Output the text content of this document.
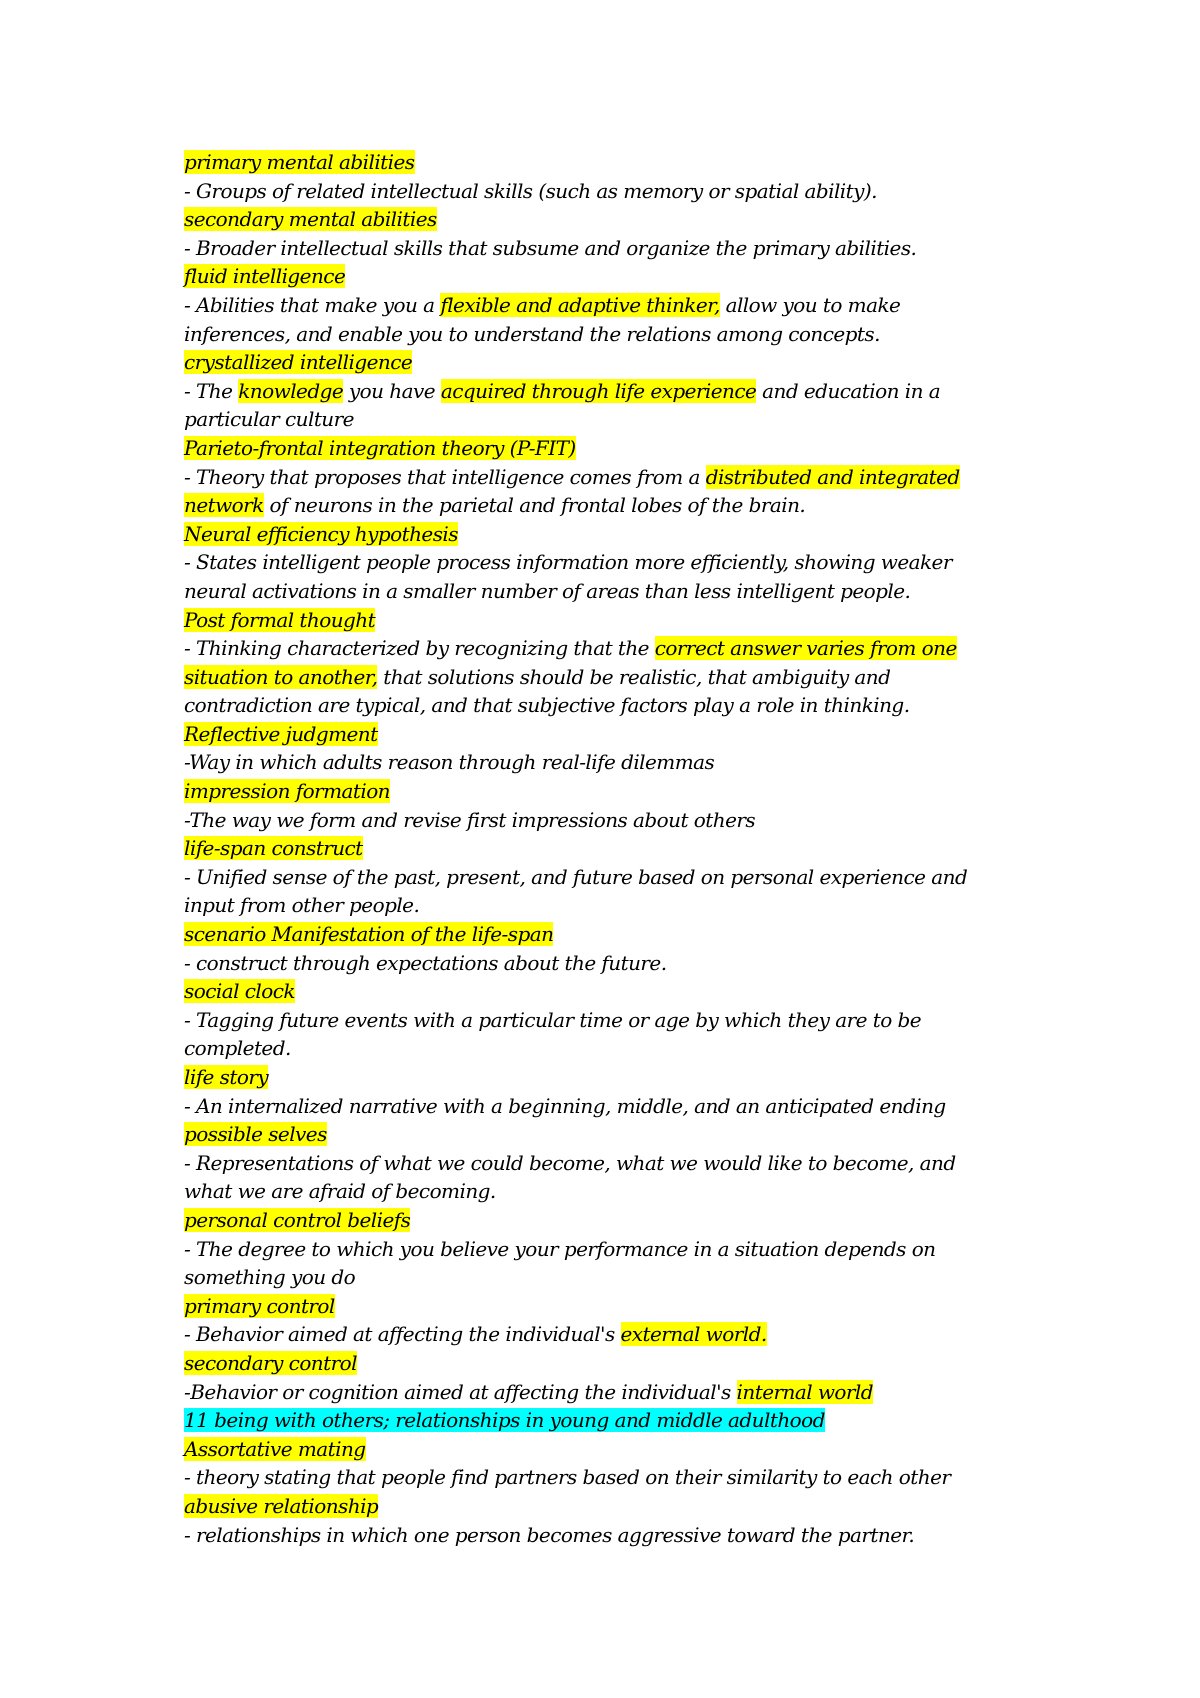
primary mental abilities
- Groups of related intellectual skills (such as memory or spatial ability).
secondary mental abilities
- Broader intellectual skills that subsume and organize the primary abilities.
fluid intelligence
- Abilities that make you a flexible and adaptive thinker, allow you to make
inferences, and enable you to understand the relations among concepts.
crystallized intelligence
- The knowledge you have acquired through life experience and education in a
particular culture
Parieto-frontal integration theory (P-FIT)
- Theory that proposes that intelligence comes from a distributed and integrated
network of neurons in the parietal and frontal lobes of the brain.
Neural efficiency hypothesis
- States intelligent people process information more efficiently, showing weaker
neural activations in a smaller number of areas than less intelligent people.
Post formal thought
- Thinking characterized by recognizing that the correct answer varies from one
situation to another, that solutions should be realistic, that ambiguity and
contradiction are typical, and that subjective factors play a role in thinking.
Reflective judgment
-Way in which adults reason through real-life dilemmas
impression formation
-The way we form and revise first impressions about others
life-span construct
- Unified sense of the past, present, and future based on personal experience and
input from other people.
scenario Manifestation of the life-span
- construct through expectations about the future.
social clock
- Tagging future events with a particular time or age by which they are to be
completed.
life story
- An internalized narrative with a beginning, middle, and an anticipated ending
possible selves
- Representations of what we could become, what we would like to become, and
what we are afraid of becoming.
personal control beliefs
- The degree to which you believe your performance in a situation depends on
something you do
primary control
- Behavior aimed at affecting the individual's external world.
secondary control
-Behavior or cognition aimed at affecting the individual's internal world
11 being with others; relationships in young and middle adulthood
Assortative mating
- theory stating that people find partners based on their similarity to each other
abusive relationship
- relationships in which one person becomes aggressive toward the partner.
